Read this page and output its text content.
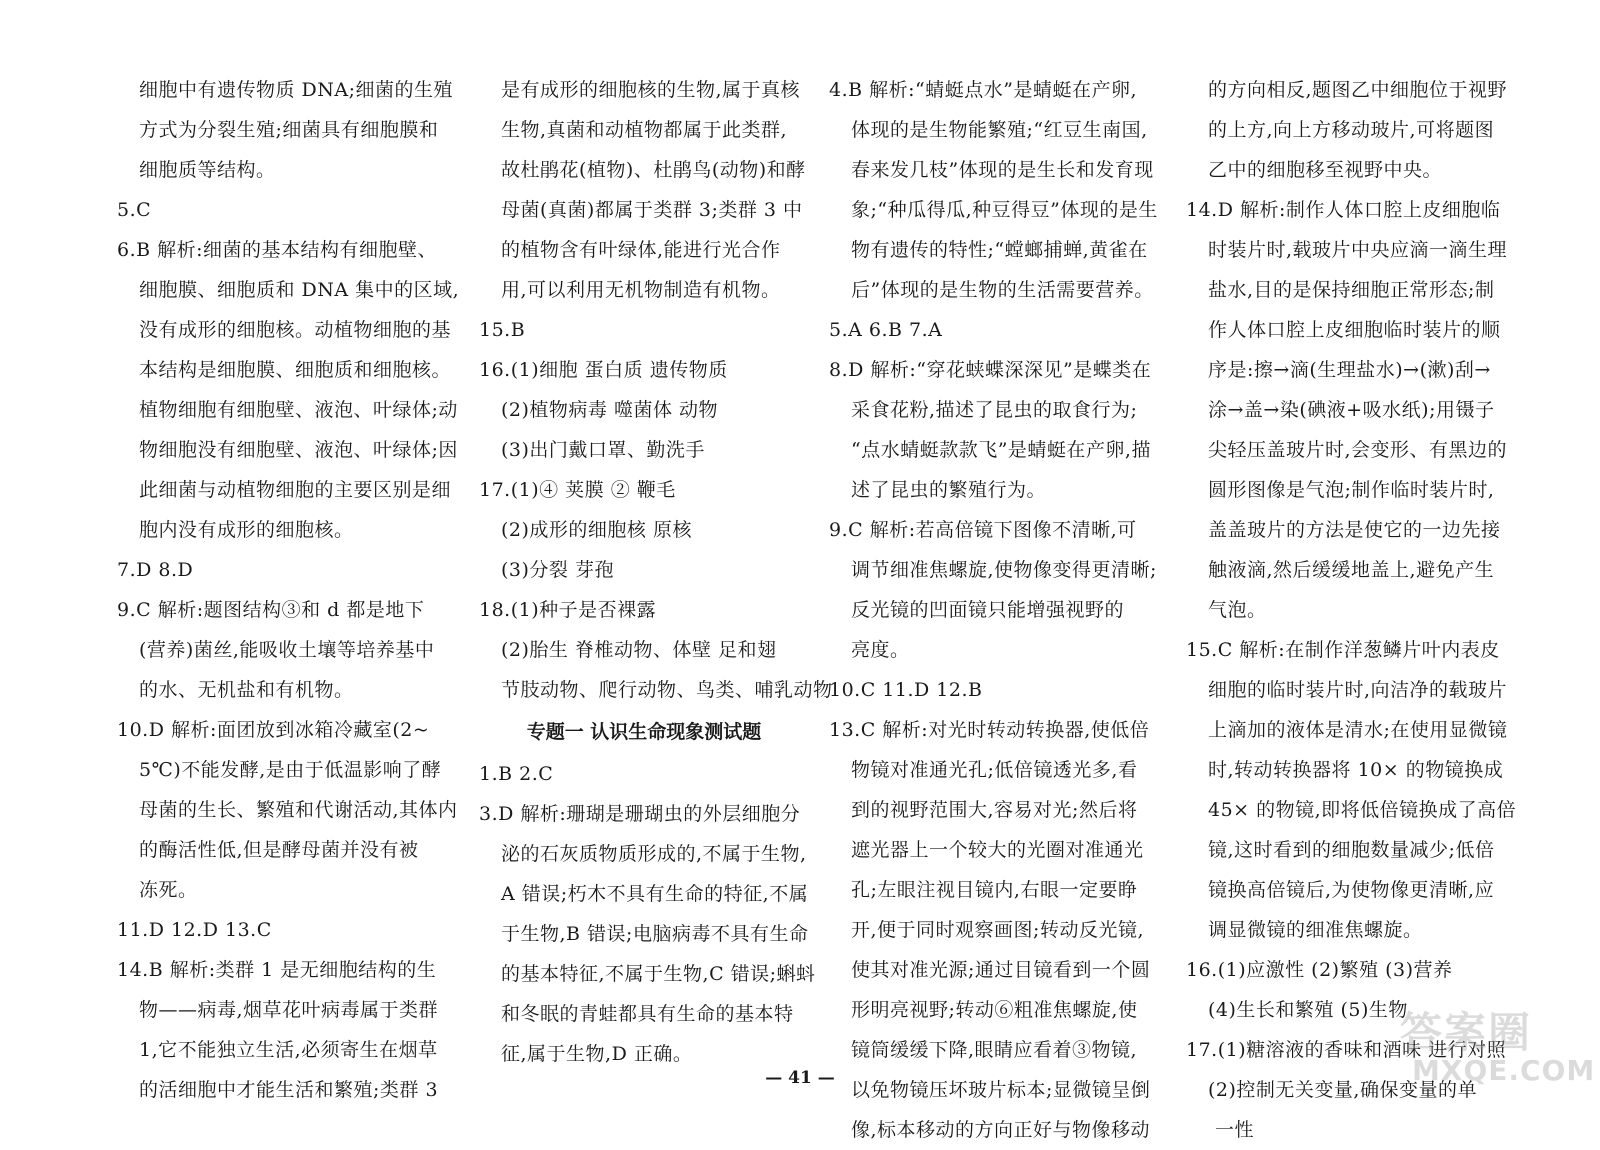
细胞中有遗传物质 DNA;细菌的生殖
方式为分裂生殖;细菌具有细胞膜和
细胞质等结构。
5.C
6.B 解析:细菌的基本结构有细胞壁、
细胞膜、细胞质和 DNA 集中的区域,
没有成形的细胞核。动植物细胞的基
本结构是细胞膜、细胞质和细胞核。
植物细胞有细胞壁、液泡、叶绿体;动
物细胞没有细胞壁、液泡、叶绿体;因
此细菌与动植物细胞的主要区别是细
胞内没有成形的细胞核。
7.D 8.D
9.C 解析:题图结构③和 d 都是地下
(营养)菌丝,能吸收土壤等培养基中
的水、无机盐和有机物。
10.D 解析:面团放到冰箱冷藏室(2~
5℃)不能发酵,是由于低温影响了酵
母菌的生长、繁殖和代谢活动,其体内
的酶活性低,但是酵母菌并没有被
冻死。
11.D 12.D 13.C
14.B 解析:类群 1 是无细胞结构的生
物——病毒,烟草花叶病毒属于类群
1,它不能独立生活,必须寄生在烟草
的活细胞中才能生活和繁殖;类群 3
是有成形的细胞核的生物,属于真核
生物,真菌和动植物都属于此类群,
故杜鹃花(植物)、杜鹃鸟(动物)和酵
母菌(真菌)都属于类群 3;类群 3 中
的植物含有叶绿体,能进行光合作
用,可以利用无机物制造有机物。
15.B
16.(1)细胞 蛋白质 遗传物质
(2)植物病毒 噬菌体 动物
(3)出门戴口罩、勤洗手
17.(1)④ 荚膜 ② 鞭毛
(2)成形的细胞核 原核
(3)分裂 芽孢
18.(1)种子是否裸露
(2)胎生 脊椎动物、体壁 足和翅
节肢动物、爬行动物、鸟类、哺乳动物
专题一 认识生命现象测试题
1.B 2.C
3.D 解析:珊瑚是珊瑚虫的外层细胞分
泌的石灰质物质形成的,不属于生物,
A 错误;朽木不具有生命的特征,不属
于生物,B 错误;电脑病毒不具有生命
的基本特征,不属于生物,C 错误;蝌蚪
和冬眠的青蛙都具有生命的基本特
征,属于生物,D 正确。
4.B 解析:“蜻蜓点水”是蜻蜓在产卵,
体现的是生物能繁殖;“红豆生南国,
春来发几枝”体现的是生长和发育现
象;“种瓜得瓜,种豆得豆”体现的是生
物有遗传的特性;“螳螂捕蝉,黄雀在
后”体现的是生物的生活需要营养。
5.A 6.B 7.A
8.D 解析:“穿花蛱蝶深深见”是蝶类在
采食花粉,描述了昆虫的取食行为;
“点水蜻蜓款款飞”是蜻蜓在产卵,描
述了昆虫的繁殖行为。
9.C 解析:若高倍镜下图像不清晰,可
调节细准焦螺旋,使物像变得更清晰;
反光镜的凹面镜只能增强视野的
亮度。
10.C 11.D 12.B
13.C 解析:对光时转动转换器,使低倍
物镜对准通光孔;低倍镜透光多,看
到的视野范围大,容易对光;然后将
遮光器上一个较大的光圈对准通光
孔;左眼注视目镜内,右眼一定要睁
开,便于同时观察画图;转动反光镜,
使其对准光源;通过目镜看到一个圆
形明亮视野;转动⑥粗准焦螺旋,使
镜筒缓缓下降,眼睛应看着③物镜,
以免物镜压坏玻片标本;显微镜呈倒
像,标本移动的方向正好与物像移动
的方向相反,题图乙中细胞位于视野
的上方,向上方移动玻片,可将题图
乙中的细胞移至视野中央。
14.D 解析:制作人体口腔上皮细胞临
时装片时,载玻片中央应滴一滴生理
盐水,目的是保持细胞正常形态;制
作人体口腔上皮细胞临时装片的顺
序是:擦→滴(生理盐水)→(漱)刮→
涂→盖→染(碘液+吸水纸);用镊子
尖轻压盖玻片时,会变形、有黑边的
圆形图像是气泡;制作临时装片时,
盖盖玻片的方法是使它的一边先接
触液滴,然后缓缓地盖上,避免产生
气泡。
15.C 解析:在制作洋葱鳞片叶内表皮
细胞的临时装片时,向洁净的载玻片
上滴加的液体是清水;在使用显微镜
时,转动转换器将 10× 的物镜换成
45× 的物镜,即将低倍镜换成了高倍
镜,这时看到的细胞数量减少;低倍
镜换高倍镜后,为使物像更清晰,应
调显微镜的细准焦螺旋。
16.(1)应激性 (2)繁殖 (3)营养
(4)生长和繁殖 (5)生物
17.(1)糖溶液的香味和酒味 进行对照
(2)控制无关变量,确保变量的单
一性
— 41 —
答案圈
MXQE.COM
